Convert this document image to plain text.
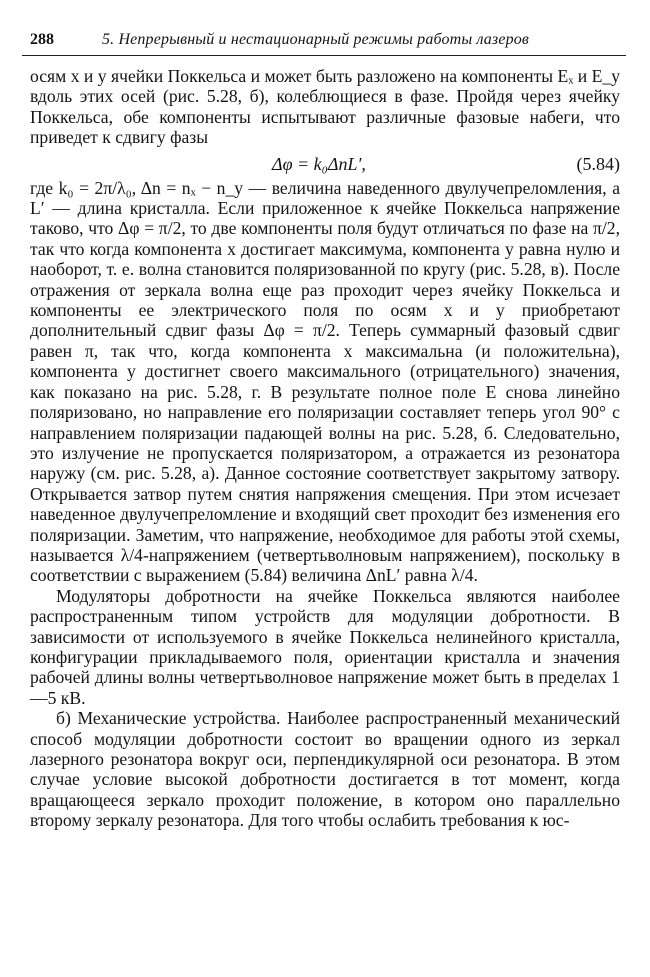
288	5. Непрерывный и нестационарный режимы работы лазеров

осям x и y ячейки Поккельса и может быть разложено на компоненты Eₓ и E_y вдоль этих осей (рис. 5.28, б), колеблющиеся в фазе. Пройдя через ячейку Поккельса, обе компоненты испытывают различные фазовые набеги, что приведет к сдвигу фазы

Δφ = k₀ΔnL′,	(5.84)

где k₀ = 2π/λ₀, Δn = nₓ − n_y — величина наведенного двулучепреломления, а L′ — длина кристалла. Если приложенное к ячейке Поккельса напряжение таково, что Δφ = π/2, то две компоненты поля будут отличаться по фазе на π/2, так что когда компонента x достигает максимума, компонента y равна нулю и наоборот, т. е. волна становится поляризованной по кругу (рис. 5.28, в). После отражения от зеркала волна еще раз проходит через ячейку Поккельса и компоненты ее электрического поля по осям x и y приобретают дополнительный сдвиг фазы Δφ = π/2. Теперь суммарный фазовый сдвиг равен π, так что, когда компонента x максимальна (и положительна), компонента y достигнет своего максимального (отрицательного) значения, как показано на рис. 5.28, г. В результате полное поле E снова линейно поляризовано, но направление его поляризации составляет теперь угол 90° с направлением поляризации падающей волны на рис. 5.28, б. Следовательно, это излучение не пропускается поляризатором, а отражается из резонатора наружу (см. рис. 5.28, а). Данное состояние соответствует закрытому затвору. Открывается затвор путем снятия напряжения смещения. При этом исчезает наведенное двулучепреломление и входящий свет проходит без изменения его поляризации. Заметим, что напряжение, необходимое для работы этой схемы, называется λ/4-напряжением (четвертьволновым напряжением), поскольку в соответствии с выражением (5.84) величина ΔnL′ равна λ/4.

Модуляторы добротности на ячейке Поккельса являются наиболее распространенным типом устройств для модуляции добротности. В зависимости от используемого в ячейке Поккельса нелинейного кристалла, конфигурации прикладываемого поля, ориентации кристалла и значения рабочей длины волны четвертьволновое напряжение может быть в пределах 1—5 кВ.

б) Механические устройства. Наиболее распространенный механический способ модуляции добротности состоит во вращении одного из зеркал лазерного резонатора вокруг оси, перпендикулярной оси резонатора. В этом случае условие высокой добротности достигается в тот момент, когда вращающееся зеркало проходит положение, в котором оно параллельно второму зеркалу резонатора. Для того чтобы ослабить требования к юс-
